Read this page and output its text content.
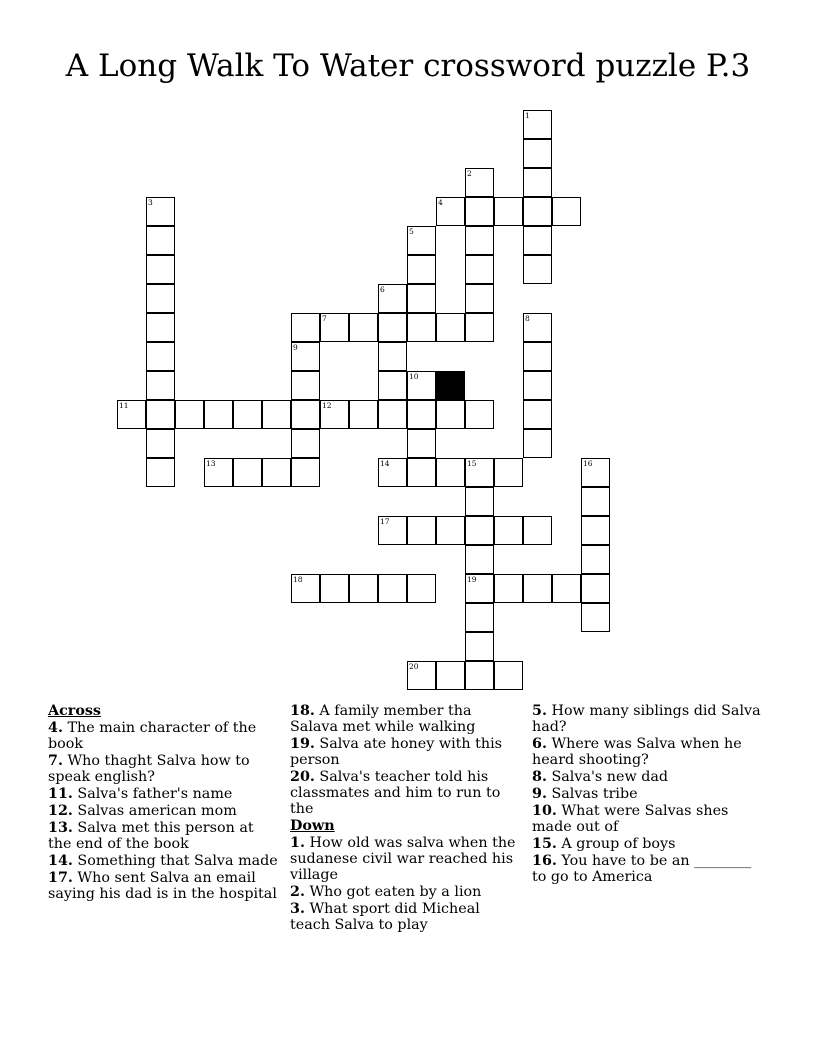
A Long Walk To Water crossword puzzle P.3
1
2
3	4
5
6
7	8
9
10
11	12
13	14	15
19
16
17
18
20
Across
4. The main character of the book
7. Who thaght Salva how to speak english?
11. Salva's father's name
12. Salvas american mom
13. Salva met this person at the end of the book
14. Something that Salva made
17. Who sent Salva an email saying his dad is in the hospital
18. A family member tha Salava met while walking
19. Salva ate honey with this person
20. Salva's teacher told his classmates and him to run to the
Down
1. How old was salva when the sudanese civil war reached his village
2. Who got eaten by a lion
3. What sport did Micheal teach Salva to play
5. How many siblings did Salva had?
6. Where was Salva when he heard shooting?
8. Salva's new dad
9. Salvas tribe
10. What were Salvas shes made out of
15. A group of boys
16. You have to be an ________ to go to America
